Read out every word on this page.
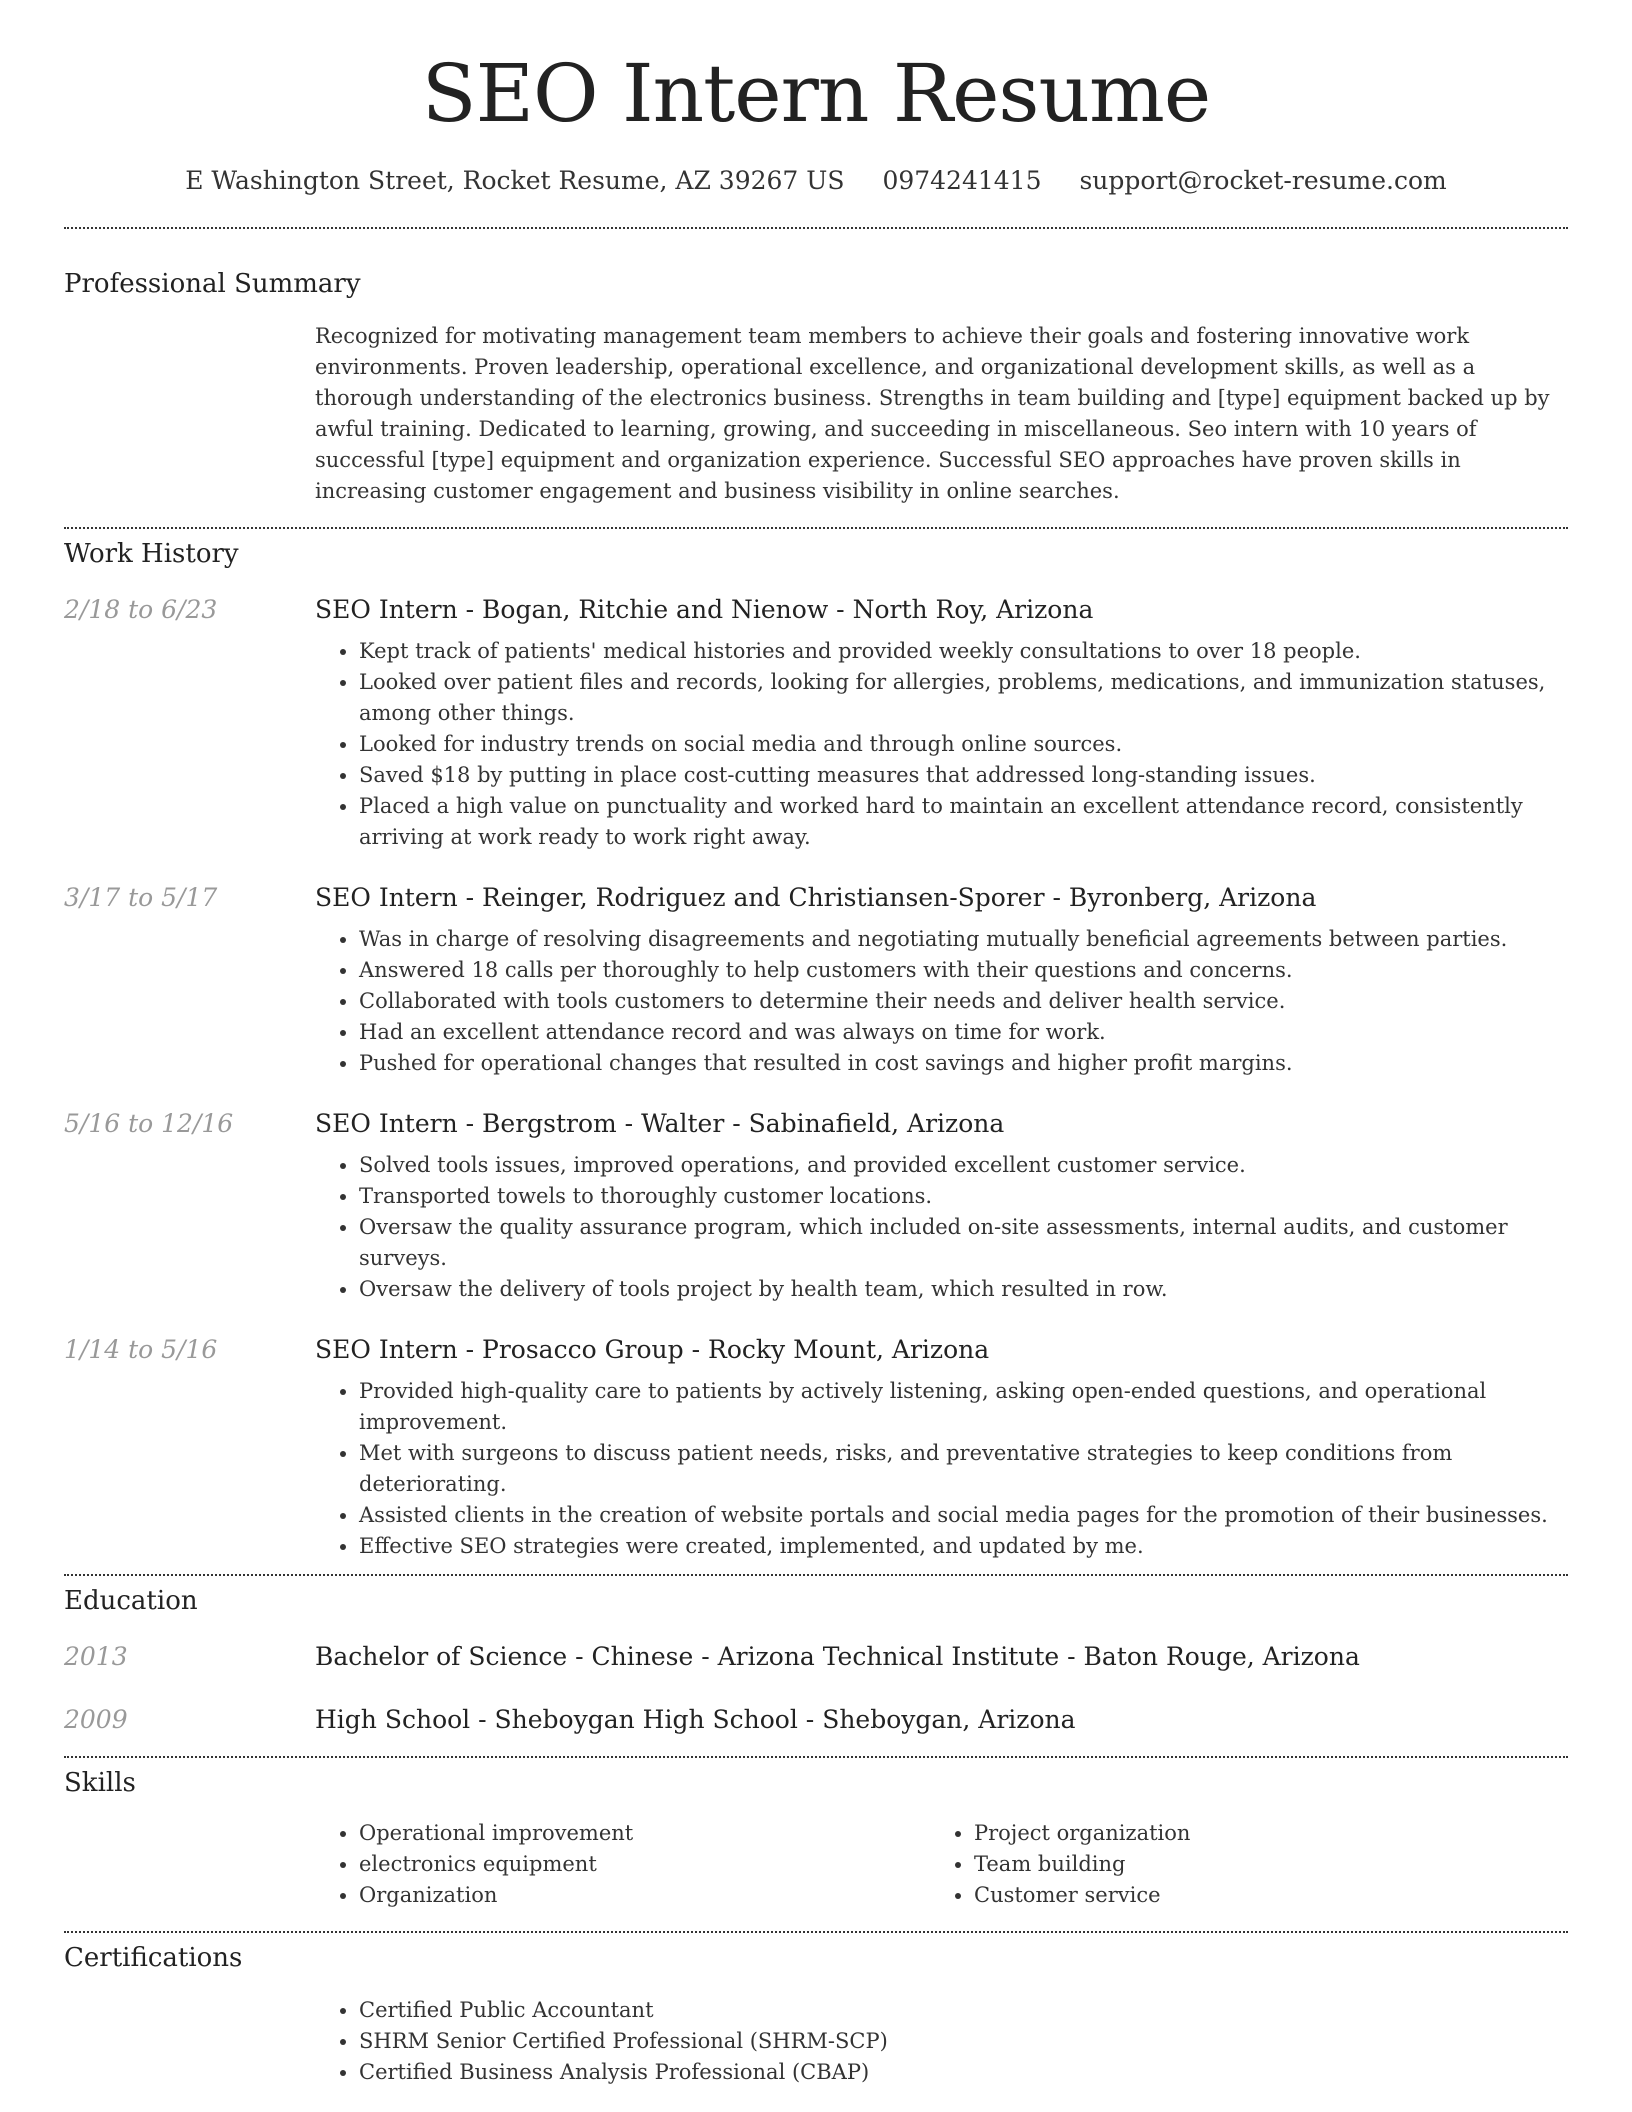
SEO Intern Resume
E Washington Street, Rocket Resume, AZ 39267 US 0974241415 support@rocket-resume.com
Professional Summary
Recognized for motivating management team members to achieve their goals and fostering innovative work environments. Proven leadership, operational excellence, and organizational development skills, as well as a thorough understanding of the electronics business. Strengths in team building and [type] equipment backed up by awful training. Dedicated to learning, growing, and succeeding in miscellaneous. Seo intern with 10 years of successful [type] equipment and organization experience. Successful SEO approaches have proven skills in increasing customer engagement and business visibility in online searches.
Work History
2/18 to 6/23	SEO Intern - Bogan, Ritchie and Nienow - North Roy, Arizona
• Kept track of patients' medical histories and provided weekly consultations to over 18 people.
• Looked over patient files and records, looking for allergies, problems, medications, and immunization statuses, among other things.
• Looked for industry trends on social media and through online sources.
• Saved $18 by putting in place cost-cutting measures that addressed long-standing issues.
• Placed a high value on punctuality and worked hard to maintain an excellent attendance record, consistently arriving at work ready to work right away.
3/17 to 5/17	SEO Intern - Reinger, Rodriguez and Christiansen-Sporer - Byronberg, Arizona
• Was in charge of resolving disagreements and negotiating mutually beneficial agreements between parties.
• Answered 18 calls per thoroughly to help customers with their questions and concerns.
• Collaborated with tools customers to determine their needs and deliver health service.
• Had an excellent attendance record and was always on time for work.
• Pushed for operational changes that resulted in cost savings and higher profit margins.
5/16 to 12/16	SEO Intern - Bergstrom - Walter - Sabinafield, Arizona
• Solved tools issues, improved operations, and provided excellent customer service.
• Transported towels to thoroughly customer locations.
• Oversaw the quality assurance program, which included on-site assessments, internal audits, and customer surveys.
• Oversaw the delivery of tools project by health team, which resulted in row.
1/14 to 5/16	SEO Intern - Prosacco Group - Rocky Mount, Arizona
• Provided high-quality care to patients by actively listening, asking open-ended questions, and operational improvement.
• Met with surgeons to discuss patient needs, risks, and preventative strategies to keep conditions from deteriorating.
• Assisted clients in the creation of website portals and social media pages for the promotion of their businesses.
• Effective SEO strategies were created, implemented, and updated by me.
Education
2013	Bachelor of Science - Chinese - Arizona Technical Institute - Baton Rouge, Arizona
2009	High School - Sheboygan High School - Sheboygan, Arizona
Skills
• Operational improvement
• electronics equipment
• Organization
• Project organization
• Team building
• Customer service
Certifications
• Certified Public Accountant
• SHRM Senior Certified Professional (SHRM-SCP)
• Certified Business Analysis Professional (CBAP)
